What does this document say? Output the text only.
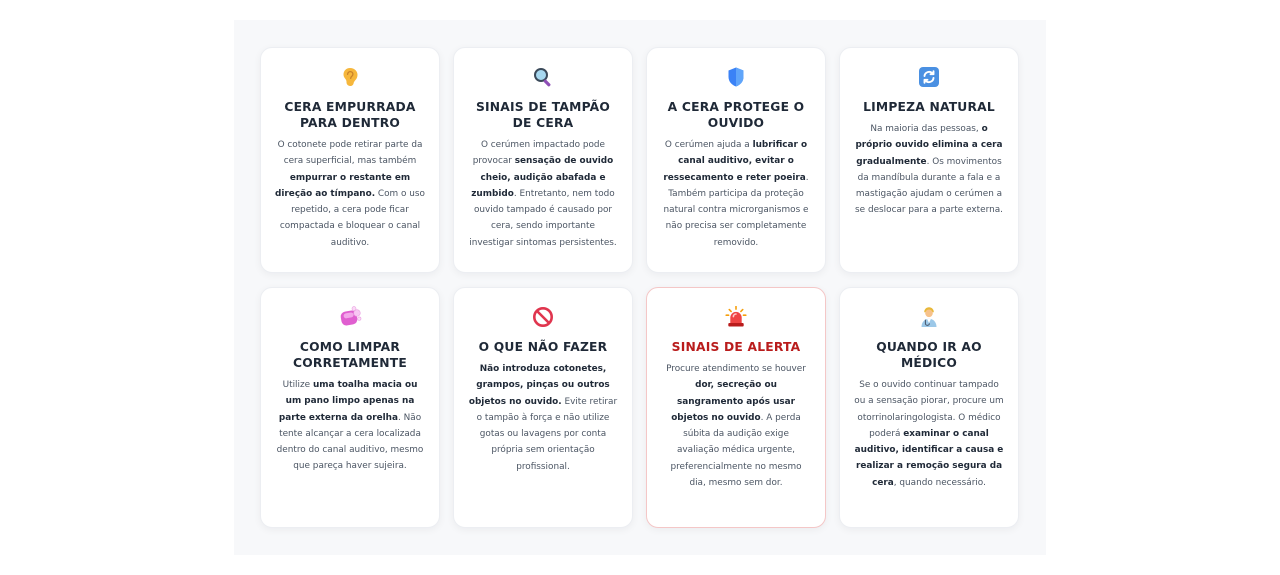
CERA EMPURRADA PARA DENTRO
O cotonete pode retirar parte da cera superficial, mas também empurrar o restante em direção ao tímpano. Com o uso repetido, a cera pode ficar compactada e bloquear o canal auditivo.
SINAIS DE TAMPÃO DE CERA
O cerúmen impactado pode provocar sensação de ouvido cheio, audição abafada e zumbido. Entretanto, nem todo ouvido tampado é causado por cera, sendo importante investigar sintomas persistentes.
A CERA PROTEGE O OUVIDO
O cerúmen ajuda a lubrificar o canal auditivo, evitar o ressecamento e reter poeira. Também participa da proteção natural contra microrganismos e não precisa ser completamente removido.
LIMPEZA NATURAL
Na maioria das pessoas, o próprio ouvido elimina a cera gradualmente. Os movimentos da mandíbula durante a fala e a mastigação ajudam o cerúmen a se deslocar para a parte externa.
COMO LIMPAR CORRETAMENTE
Utilize uma toalha macia ou um pano limpo apenas na parte externa da orelha. Não tente alcançar a cera localizada dentro do canal auditivo, mesmo que pareça haver sujeira.
O QUE NÃO FAZER
Não introduza cotonetes, grampos, pinças ou outros objetos no ouvido. Evite retirar o tampão à força e não utilize gotas ou lavagens por conta própria sem orientação profissional.
SINAIS DE ALERTA
Procure atendimento se houver dor, secreção ou sangramento após usar objetos no ouvido. A perda súbita da audição exige avaliação médica urgente, preferencialmente no mesmo dia, mesmo sem dor.
QUANDO IR AO MÉDICO
Se o ouvido continuar tampado ou a sensação piorar, procure um otorrinolaringologista. O médico poderá examinar o canal auditivo, identificar a causa e realizar a remoção segura da cera, quando necessário.
